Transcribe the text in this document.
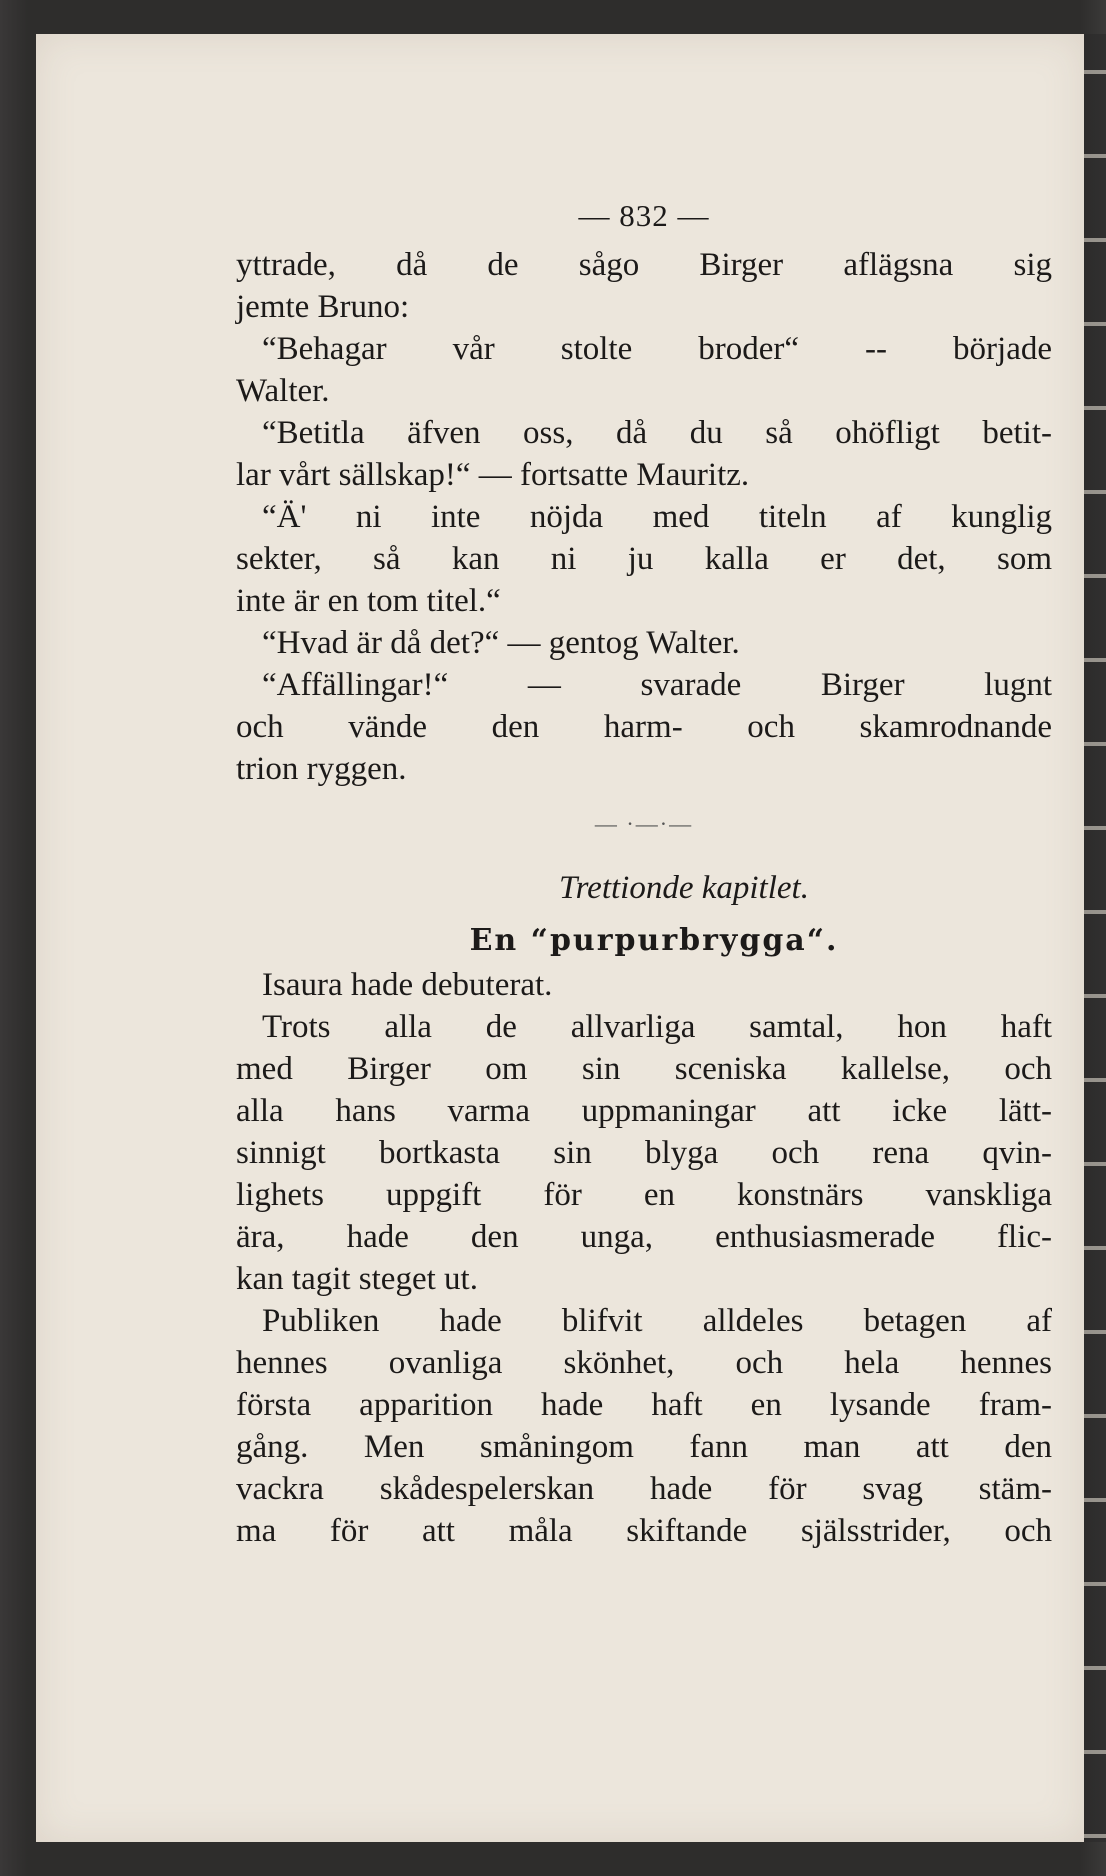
— 832 —
yttrade, då de sågo Birger aflägsna sig
jemte Bruno:
“Behagar vår stolte broder“ -- började
Walter.
“Betitla äfven oss, då du så ohöfligt betit-
lar vårt sällskap!“ — fortsatte Mauritz.
“Ä' ni inte nöjda med titeln af kunglig
sekter, så kan ni ju kalla er det, som
inte är en tom titel.“
“Hvad är då det?“ — gentog Walter.
“Affällingar!“ — svarade Birger lugnt
och vände den harm- och skamrodnande
trion ryggen.
— ·—·—
Trettionde kapitlet.
En “purpurbrygga“.
Isaura hade debuterat.
Trots alla de allvarliga samtal, hon haft
med Birger om sin sceniska kallelse, och
alla hans varma uppmaningar att icke lätt-
sinnigt bortkasta sin blyga och rena qvin-
lighets uppgift för en konstnärs vanskliga
ära, hade den unga, enthusiasmerade flic-
kan tagit steget ut.
Publiken hade blifvit alldeles betagen af
hennes ovanliga skönhet, och hela hennes
första apparition hade haft en lysande fram-
gång. Men småningom fann man att den
vackra skådespelerskan hade för svag stäm-
ma för att måla skiftande själsstrider, och
